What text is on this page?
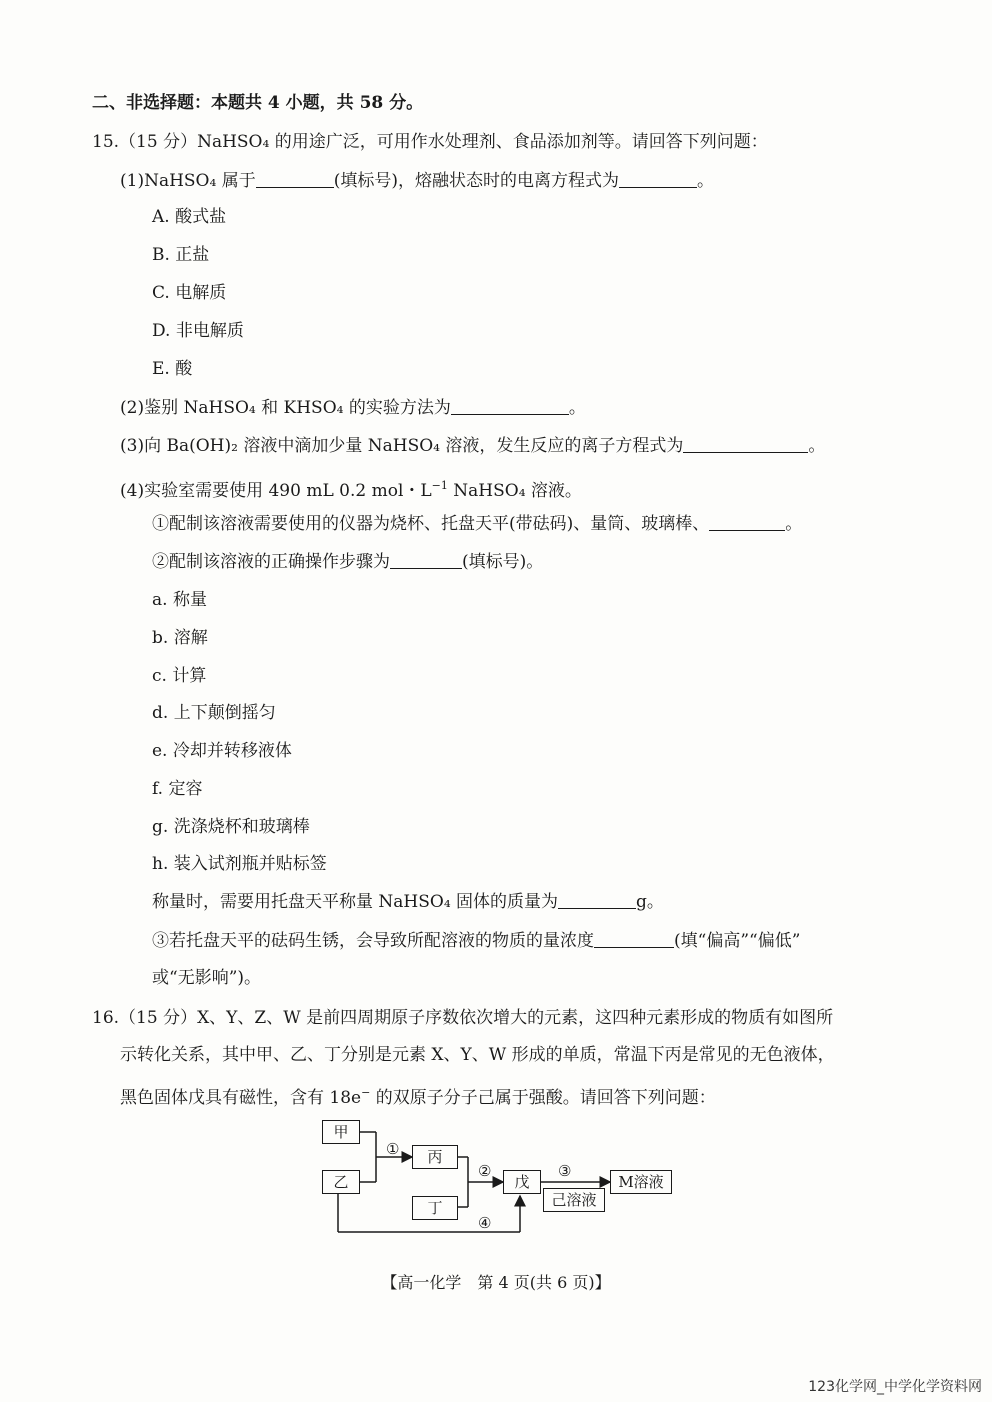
二、非选择题：本题共 4 小题，共 58 分。
15.（15 分）NaHSO₄ 的用途广泛，可用作水处理剂、食品添加剂等。请回答下列问题：
(1)NaHSO₄ 属于	(填标号)，熔融状态时的电离方程式为	。
A. 酸式盐
B. 正盐
C. 电解质
D. 非电解质
E. 酸
(2)鉴别 NaHSO₄ 和 KHSO₄ 的实验方法为	。
(3)向 Ba(OH)₂ 溶液中滴加少量 NaHSO₄ 溶液，发生反应的离子方程式为	。
(4)实验室需要使用 490 mL 0.2 mol・$L^{-1}$ NaHSO₄ 溶液。
①配制该溶液需要使用的仪器为烧杯、托盘天平(带砝码)、量筒、玻璃棒、	。
②配制该溶液的正确操作步骤为	(填标号)。
a. 称量
b. 溶解
c. 计算
d. 上下颠倒摇匀
e. 冷却并转移液体
f. 定容
g. 洗涤烧杯和玻璃棒
h. 装入试剂瓶并贴标签
称量时，需要用托盘天平称量 NaHSO₄ 固体的质量为	g。
③若托盘天平的砝码生锈，会导致所配溶液的物质的量浓度	(填“偏高”“偏低”
或“无影响”)。
16.（15 分）X、Y、Z、W 是前四周期原子序数依次增大的元素，这四种元素形成的物质有如图所
示转化关系，其中甲、乙、丁分别是元素 X、Y、W 形成的单质，常温下丙是常见的无色液体，
黑色固体戊具有磁性，含有 18e− 的双原子分子己属于强酸。请回答下列问题：
甲
乙
丙
丁
戊
己溶液
M溶液
①
②	③
④
【高一化学　第 4 页(共 6 页)】
123化学网_中学化学资料网
